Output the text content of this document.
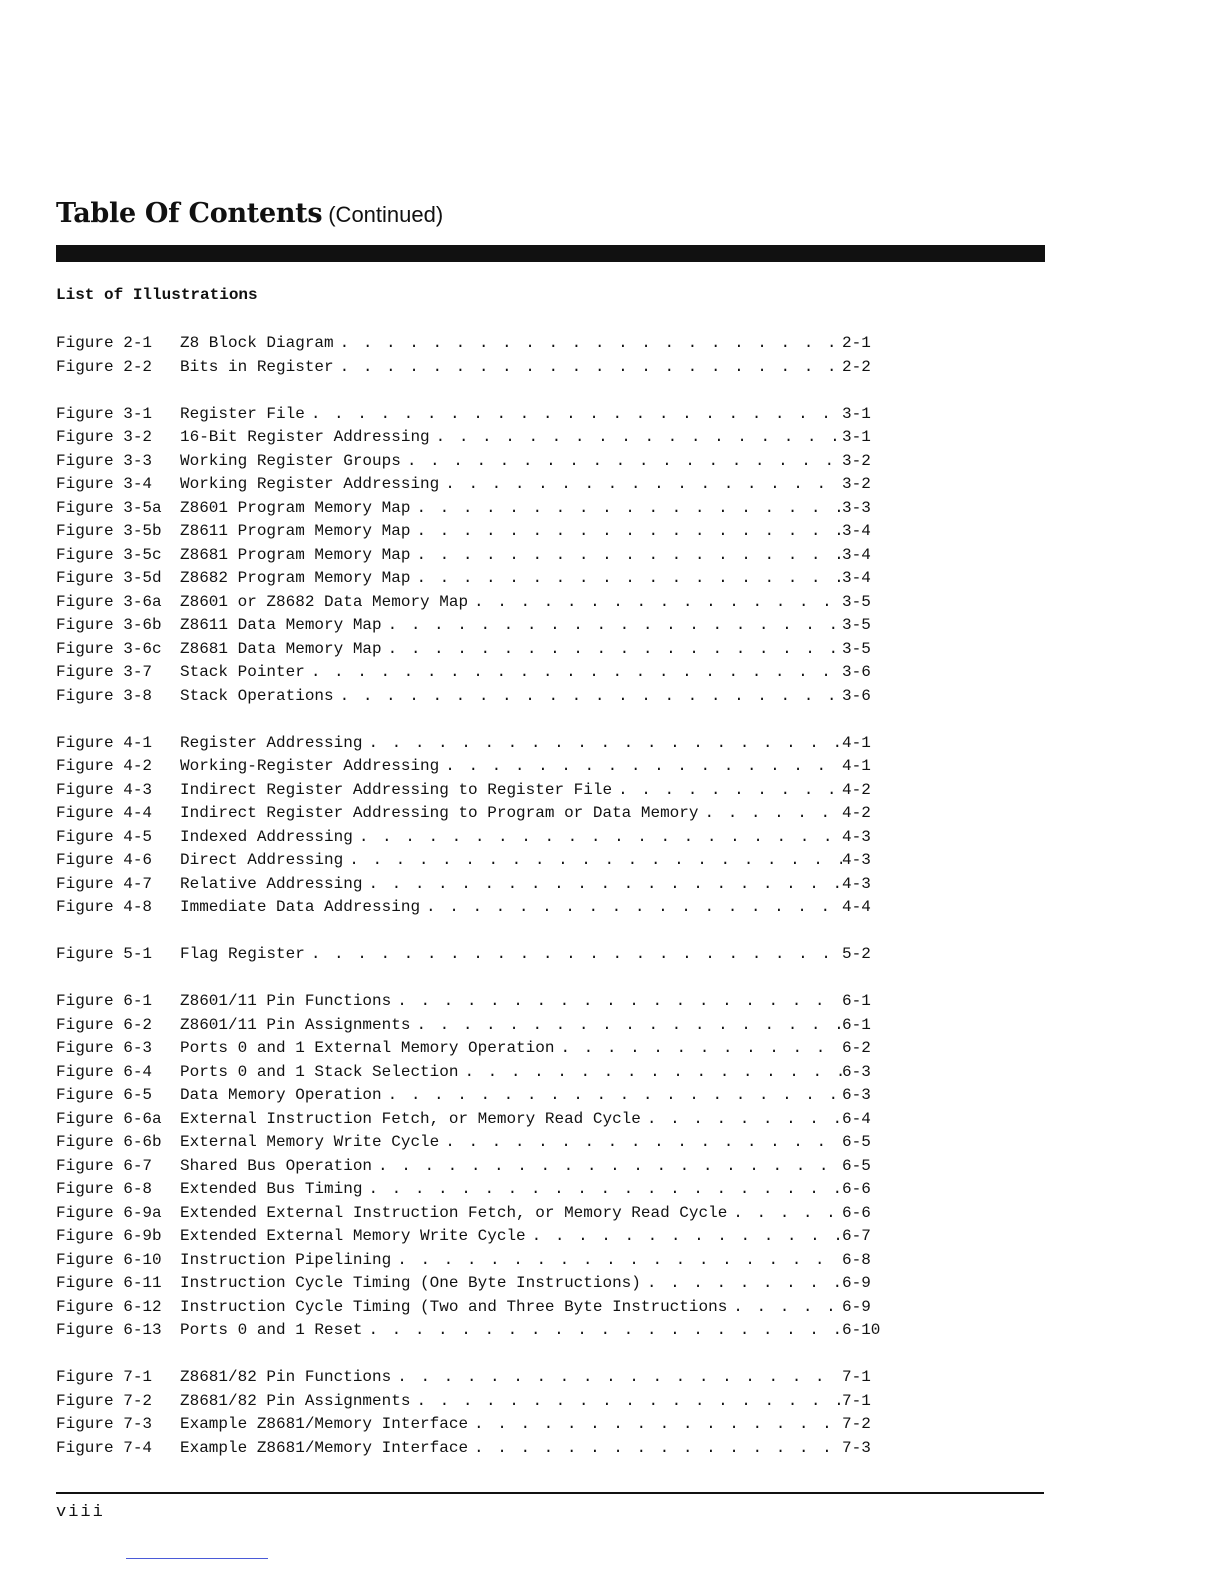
Table Of Contents (Continued)
List of Illustrations
Figure 2-1	Z8 Block Diagram . . .	2-1
Figure 2-2	Bits in Register . . .	2-2
Figure 3-1	Register File . . .	3-1
Figure 3-2	16-Bit Register Addressing . . .	3-1
Figure 3-3	Working Register Groups . . .	3-2
Figure 3-4	Working Register Addressing . . .	3-2
Figure 3-5a	Z8601 Program Memory Map . . .	3-3
Figure 3-5b	Z8611 Program Memory Map . . .	3-4
Figure 3-5c	Z8681 Program Memory Map . . .	3-4
Figure 3-5d	Z8682 Program Memory Map . . .	3-4
Figure 3-6a	Z8601 or Z8682 Data Memory Map . . .	3-5
Figure 3-6b	Z8611 Data Memory Map . . .	3-5
Figure 3-6c	Z8681 Data Memory Map . . .	3-5
Figure 3-7	Stack Pointer . . .	3-6
Figure 3-8	Stack Operations . . .	3-6
Figure 4-1	Register Addressing . . .	4-1
Figure 4-2	Working-Register Addressing . . .	4-1
Figure 4-3	Indirect Register Addressing to Register File . . .	4-2
Figure 4-4	Indirect Register Addressing to Program or Data Memory . . .	4-2
Figure 4-5	Indexed Addressing . . .	4-3
Figure 4-6	Direct Addressing . . .	4-3
Figure 4-7	Relative Addressing . . .	4-3
Figure 4-8	Immediate Data Addressing . . .	4-4
Figure 5-1	Flag Register . . .	5-2
Figure 6-1	Z8601/11 Pin Functions . . .	6-1
Figure 6-2	Z8601/11 Pin Assignments . . .	6-1
Figure 6-3	Ports 0 and 1 External Memory Operation . . .	6-2
Figure 6-4	Ports 0 and 1 Stack Selection . . .	6-3
Figure 6-5	Data Memory Operation . . .	6-3
Figure 6-6a	External Instruction Fetch, or Memory Read Cycle . . .	6-4
Figure 6-6b	External Memory Write Cycle . . .	6-5
Figure 6-7	Shared Bus Operation . . .	6-5
Figure 6-8	Extended Bus Timing . . .	6-6
Figure 6-9a	Extended External Instruction Fetch, or Memory Read Cycle . . .	6-6
Figure 6-9b	Extended External Memory Write Cycle . . .	6-7
Figure 6-10	Instruction Pipelining . . .	6-8
Figure 6-11	Instruction Cycle Timing (One Byte Instructions) . . .	6-9
Figure 6-12	Instruction Cycle Timing (Two and Three Byte Instructions . . .	6-9
Figure 6-13	Ports 0 and 1 Reset . . .	6-10
Figure 7-1	Z8681/82 Pin Functions . . .	7-1
Figure 7-2	Z8681/82 Pin Assignments . . .	7-1
Figure 7-3	Example Z8681/Memory Interface . . .	7-2
Figure 7-4	Example Z8681/Memory Interface . . .	7-3
viii
